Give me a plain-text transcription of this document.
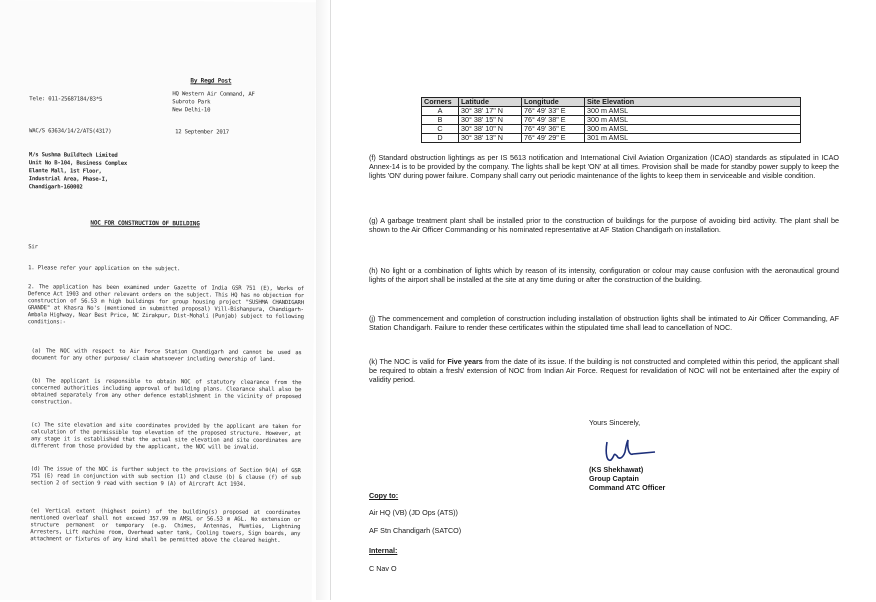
By Regd Post

Tele: 011-25687184/83*5

HQ Western Air Command, AF

Subroto Park

New Delhi-10

WAC/S 63634/14/2/ATS(4317)	12 September 2017

M/s Sushma Buildtech Limited

Unit No B-104, Business Complex

Elante Mall, 1st Floor,

Industrial Area, Phase-I,

Chandigarh-160002

NOC FOR CONSTRUCTION OF BUILDING

Sir

1. Please refer your application on the subject.

2. The application has been examined under Gazette of India GSR 751 (E), Works of Defence Act 1903 and other relevant orders on the subject. This HQ has no objection for construction of 56.53 m high buildings for group housing project "SUSHMA CHANDIGARH GRANDE" at Khasra No's (mentioned in submitted proposal) Vill-Bishanpura, Chandigarh-Ambala Highway, Near Best Price, NC Zirakpur, Dist-Mohali (Punjab) subject to following conditions:-

(a) The NOC with respect to Air Force Station Chandigarh and cannot be used as document for any other purpose/ claim whatsoever including ownership of land.

(b) The applicant is responsible to obtain NOC of statutory clearance from the concerned authorities including approval of building plans. Clearance shall also be obtained separately from any other defence establishment in the vicinity of proposed construction.

(c) The site elevation and site coordinates provided by the applicant are taken for calculation of the permissible top elevation of the proposed structure. However, at any stage it is established that the actual site elevation and site coordinates are different from those provided by the applicant, the NOC will be invalid.

(d) The issue of the NOC is further subject to the provisions of Section 9(A) of GSR 751 (E) read in conjunction with sub section (1) and clause (b) & clause (f) of sub section 2 of section 9 read with section 9 (A) of Aircraft Act 1934.

(e) Vertical extent (highest point) of the building(s) proposed at coordinates mentioned overleaf shall not exceed 357.99 m AMSL or 56.53 m AGL. No extension or structure permanent or temporary (e.g. Chimes, Antennas, Mumties, Lightning Arresters, Lift machine room, Overhead water tank, Cooling towers, Sign boards, any attachment or fixtures of any kind shall be permitted above the cleared height.

Corners	Latitude	Longitude	Site Elevation
A	30° 38' 17" N	76° 49' 33" E	300 m AMSL
B	30° 38' 15" N	76° 49' 38" E	300 m AMSL
C	30° 38' 10" N	76° 49' 36" E	300 m AMSL
D	30° 38' 13" N	76° 49' 29" E	301 m AMSL

(f) Standard obstruction lightings as per IS 5613 notification and International Civil Aviation Organization (ICAO) standards as stipulated in ICAO Annex-14 is to be provided by the company. The lights shall be kept 'ON' at all times. Provision shall be made for standby power supply to keep the lights 'ON' during power failure. Company shall carry out periodic maintenance of the lights to keep them in serviceable and visible condition.

(g) A garbage treatment plant shall be installed prior to the construction of buildings for the purpose of avoiding bird activity. The plant shall be shown to the Air Officer Commanding or his nominated representative at AF Station Chandigarh on installation.

(h) No light or a combination of lights which by reason of its intensity, configuration or colour may cause confusion with the aeronautical ground lights of the airport shall be installed at the site at any time during or after the construction of the building.

(j) The commencement and completion of construction including installation of obstruction lights shall be intimated to Air Officer Commanding, AF Station Chandigarh. Failure to render these certificates within the stipulated time shall lead to cancellation of NOC.

(k) The NOC is valid for Five years from the date of its issue. If the building is not constructed and completed within this period, the applicant shall be required to obtain a fresh/ extension of NOC from Indian Air Force. Request for revalidation of NOC will not be entertained after the expiry of validity period.

Yours Sincerely,

(KS Shekhawat)

Group Captain

Command ATC Officer

Copy to:

Air HQ (VB) (JD Ops (ATS))

AF Stn Chandigarh (SATCO)

Internal:

C Nav O
